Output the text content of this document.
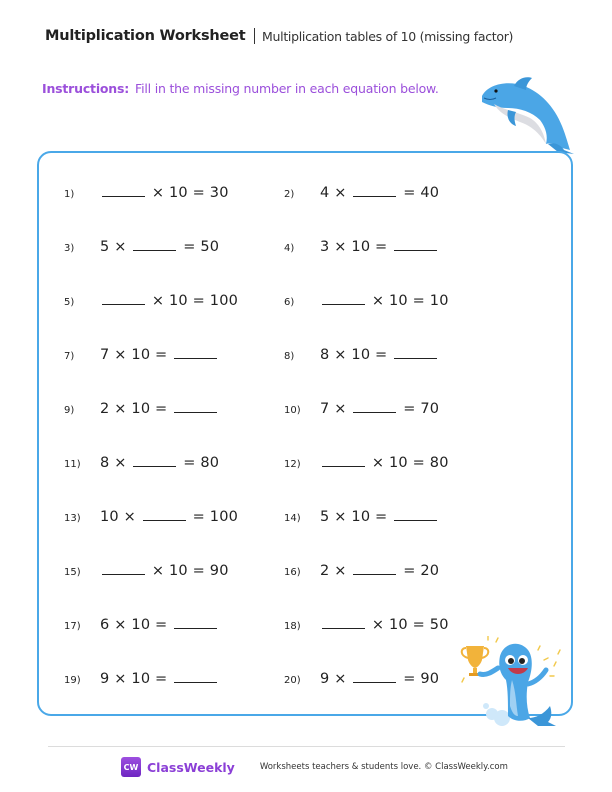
Multiplication Worksheet Multiplication tables of 10 (missing factor)
Instructions: Fill in the missing number in each equation below.
1)	× 10 = 30	2)	4 ×	= 40
3)	5 ×	= 50	4)	3 × 10 =
5)	× 10 = 100	6)	× 10 = 10
7)	7 × 10 =	8)	8 × 10 =
9)	2 × 10 =	10)	7 ×	= 70
11)	8 ×	= 80	12)	× 10 = 80
13)	10 ×	= 100	14)	5 × 10 =
15)	× 10 = 90	16)	2 ×	= 20
17)	6 × 10 =	18)	× 10 = 50
19)	9 × 10 =	20)	9 ×	= 90
CW ClassWeekly	Worksheets teachers & students love. © ClassWeekly.com
